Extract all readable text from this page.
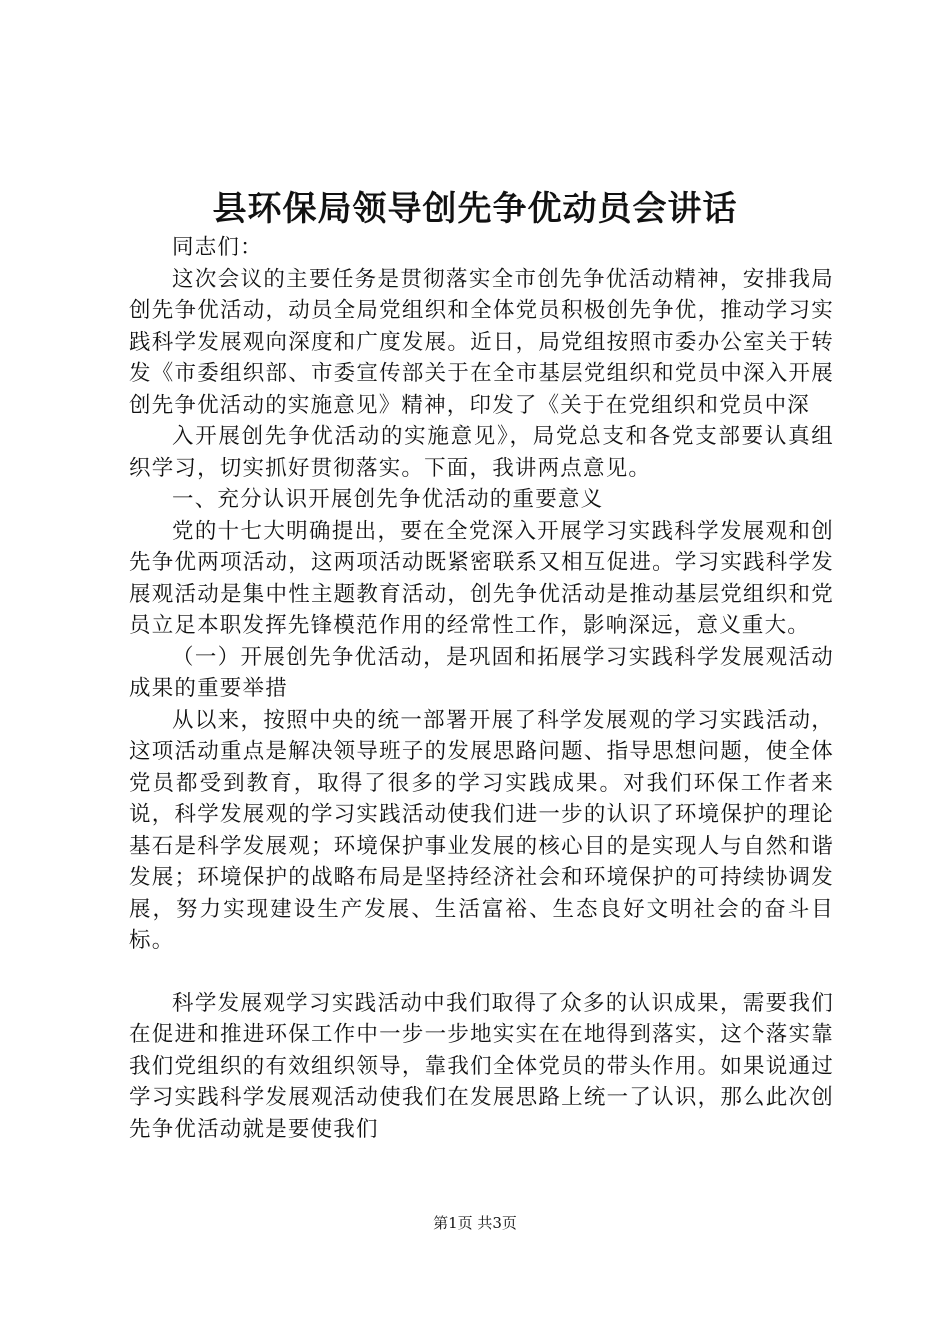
县环保局领导创先争优动员会讲话

同志们：

这次会议的主要任务是贯彻落实全市创先争优活动精神，安排我局创先争优活动，动员全局党组织和全体党员积极创先争优，推动学习实践科学发展观向深度和广度发展。近日，局党组按照市委办公室关于转发《市委组织部、市委宣传部关于在全市基层党组织和党员中深入开展创先争优活动的实施意见》精神，印发了《关于在党组织和党员中深

入开展创先争优活动的实施意见》，局党总支和各党支部要认真组织学习，切实抓好贯彻落实。下面，我讲两点意见。

一、充分认识开展创先争优活动的重要意义

党的十七大明确提出，要在全党深入开展学习实践科学发展观和创先争优两项活动，这两项活动既紧密联系又相互促进。学习实践科学发展观活动是集中性主题教育活动，创先争优活动是推动基层党组织和党员立足本职发挥先锋模范作用的经常性工作，影响深远，意义重大。

（一）开展创先争优活动，是巩固和拓展学习实践科学发展观活动成果的重要举措

从以来，按照中央的统一部署开展了科学发展观的学习实践活动，这项活动重点是解决领导班子的发展思路问题、指导思想问题，使全体党员都受到教育，取得了很多的学习实践成果。对我们环保工作者来说，科学发展观的学习实践活动使我们进一步的认识了环境保护的理论基石是科学发展观；环境保护事业发展的核心目的是实现人与自然和谐发展；环境保护的战略布局是坚持经济社会和环境保护的可持续协调发展，努力实现建设生产发展、生活富裕、生态良好文明社会的奋斗目标。

科学发展观学习实践活动中我们取得了众多的认识成果，需要我们在促进和推进环保工作中一步一步地实实在在地得到落实，这个落实靠我们党组织的有效组织领导，靠我们全体党员的带头作用。如果说通过学习实践科学发展观活动使我们在发展思路上统一了认识，那么此次创先争优活动就是要使我们

第1页 共3页
